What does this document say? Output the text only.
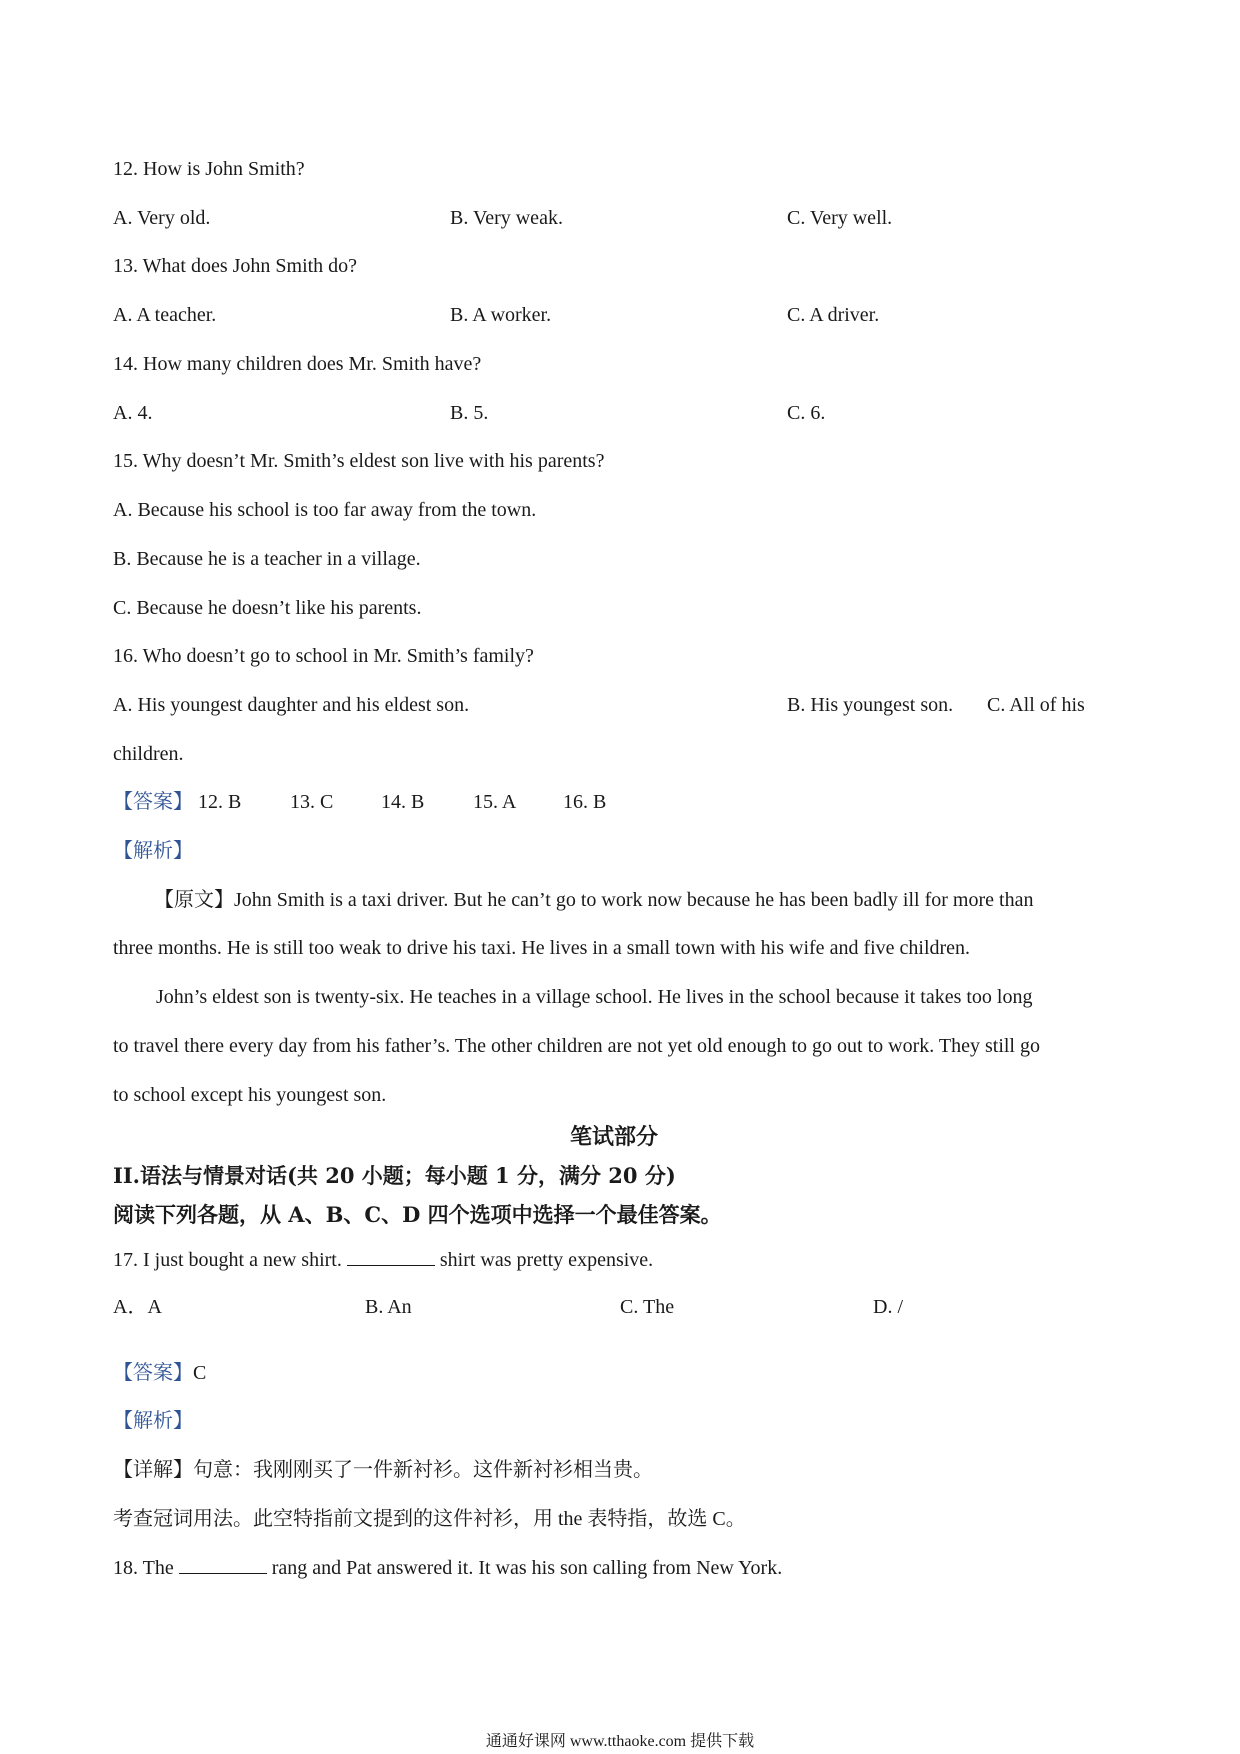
12. How is John Smith?
A. Very old.	B. Very weak.	C. Very well.
13. What does John Smith do?
A. A teacher.	B. A worker.	C. A driver.
14. How many children does Mr. Smith have?
A. 4.	B. 5.	C. 6.
15. Why doesn’t Mr. Smith’s eldest son live with his parents?
A. Because his school is too far away from the town.
B. Because he is a teacher in a village.
C. Because he doesn’t like his parents.
16. Who doesn’t go to school in Mr. Smith’s family?
A. His youngest daughter and his eldest son.	B. His youngest son. C. All of his
children.
【答案】 12. B 13. C 14. B 15. A 16. B
【解析】
【原文】John Smith is a taxi driver. But he can’t go to work now because he has been badly ill for more than
three months. He is still too weak to drive his taxi. He lives in a small town with his wife and five children.
John’s eldest son is twenty-six. He teaches in a village school. He lives in the school because it takes too long
to travel there every day from his father’s. The other children are not yet old enough to go out to work. They still go
to school except his youngest son.
笔试部分
II.语法与情景对话(共 20 小题；每小题 1 分，满分 20 分)
阅读下列各题，从 A、B、C、D 四个选项中选择一个最佳答案。
17. I just bought a new shirt.	shirt was pretty expensive.
A．A	B. An	C. The	D. /
【答案】C
【解析】
【详解】句意：我刚刚买了一件新衬衫。这件新衬衫相当贵。
考查冠词用法。此空特指前文提到的这件衬衫，用 the 表特指，故选 C。
18. The	rang and Pat answered it. It was his son calling from New York.
通通好课网 www.tthaoke.com 提供下载
